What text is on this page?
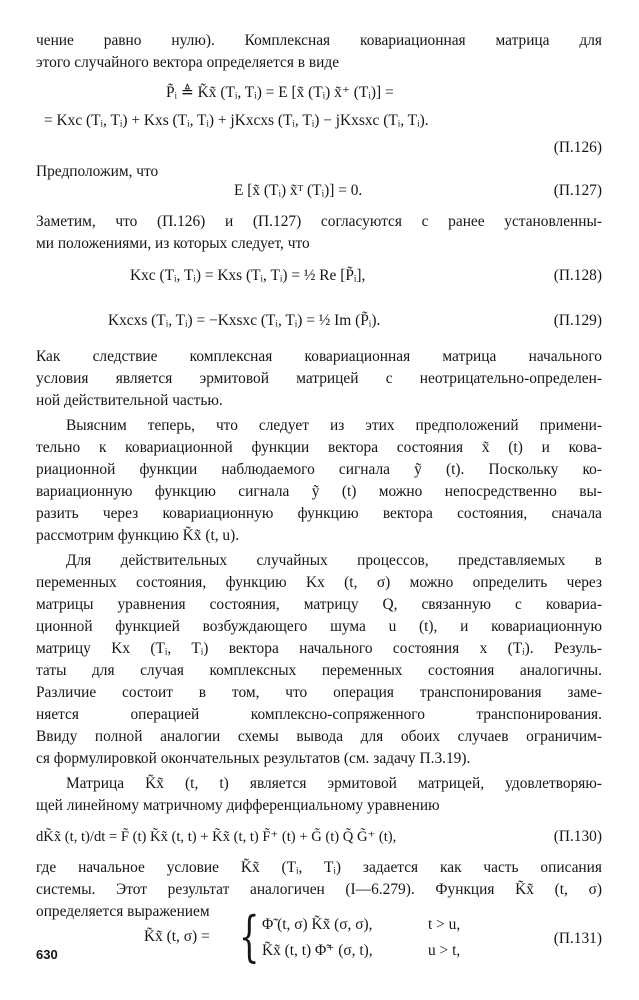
чение равно нулю). Комплексная ковариационная матрица для
этого случайного вектора определяется в виде
P̃ᵢ ≜ K̃x̃ (Tᵢ, Tᵢ) = E [x̃ (Tᵢ) x̃⁺ (Tᵢ)] =
= Kxc (Tᵢ, Tᵢ) + Kxs (Tᵢ, Tᵢ) + jKxcxs (Tᵢ, Tᵢ) − jKxsxc (Tᵢ, Tᵢ).
(П.126)
Предположим, что
E [x̃ (Tᵢ) x̃ᵀ (Tᵢ)] = 0.	(П.127)
Заметим, что (П.126) и (П.127) согласуются с ранее установленны-
ми положениями, из которых следует, что
Kxc (Tᵢ, Tᵢ) = Kxs (Tᵢ, Tᵢ) = ½ Re [P̃ᵢ],	(П.128)
Kxcxs (Tᵢ, Tᵢ) = −Kxsxc (Tᵢ, Tᵢ) = ½ Im (P̃ᵢ).	(П.129)
Как следствие комплексная ковариационная матрица начального
условия является эрмитовой матрицей с неотрицательно-определен-
ной действительной частью.
Выясним теперь, что следует из этих предположений примени-
тельно к ковариационной функции вектора состояния x̃ (t) и кова-
риационной функции наблюдаемого сигнала ỹ (t). Поскольку ко-
вариационную функцию сигнала ỹ (t) можно непосредственно вы-
разить через ковариационную функцию вектора состояния, сначала
рассмотрим функцию K̃x̃ (t, u).
Для действительных случайных процессов, представляемых в
переменных состояния, функцию Kx (t, σ) можно определить через
матрицы уравнения состояния, матрицу Q, связанную с ковариа-
ционной функцией возбуждающего шума u (t), и ковариационную
матрицу Kx (Tᵢ, Tᵢ) вектора начального состояния x (Tᵢ). Резуль-
таты для случая комплексных переменных состояния аналогичны.
Различие состоит в том, что операция транспонирования заме-
няется операцией комплексно-сопряженного транспонирования.
Ввиду полной аналогии схемы вывода для обоих случаев ограничим-
ся формулировкой окончательных результатов (см. задачу П.3.19).
Матрица K̃x̃ (t, t) является эрмитовой матрицей, удовлетворяю-
щей линейному матричному дифференциальному уравнению
dK̃x̃ (t, t)/dt = F̃ (t) K̃x̃ (t, t) + K̃x̃ (t, t) F̃⁺ (t) + G̃ (t) Q̃ G̃⁺ (t),	(П.130)
где начальное условие K̃x̃ (Tᵢ, Tᵢ) задается как часть описания
системы. Этот результат аналогичен (I—6.279). Функция K̃x̃ (t, σ)
определяется выражением
K̃x̃ (t, σ) = { Φ̃ (t, σ) K̃x̃ (σ, σ),	t > u,
K̃x̃ (t, t) Φ̃⁺ (σ, t),	u > t,
(П.131)
630
